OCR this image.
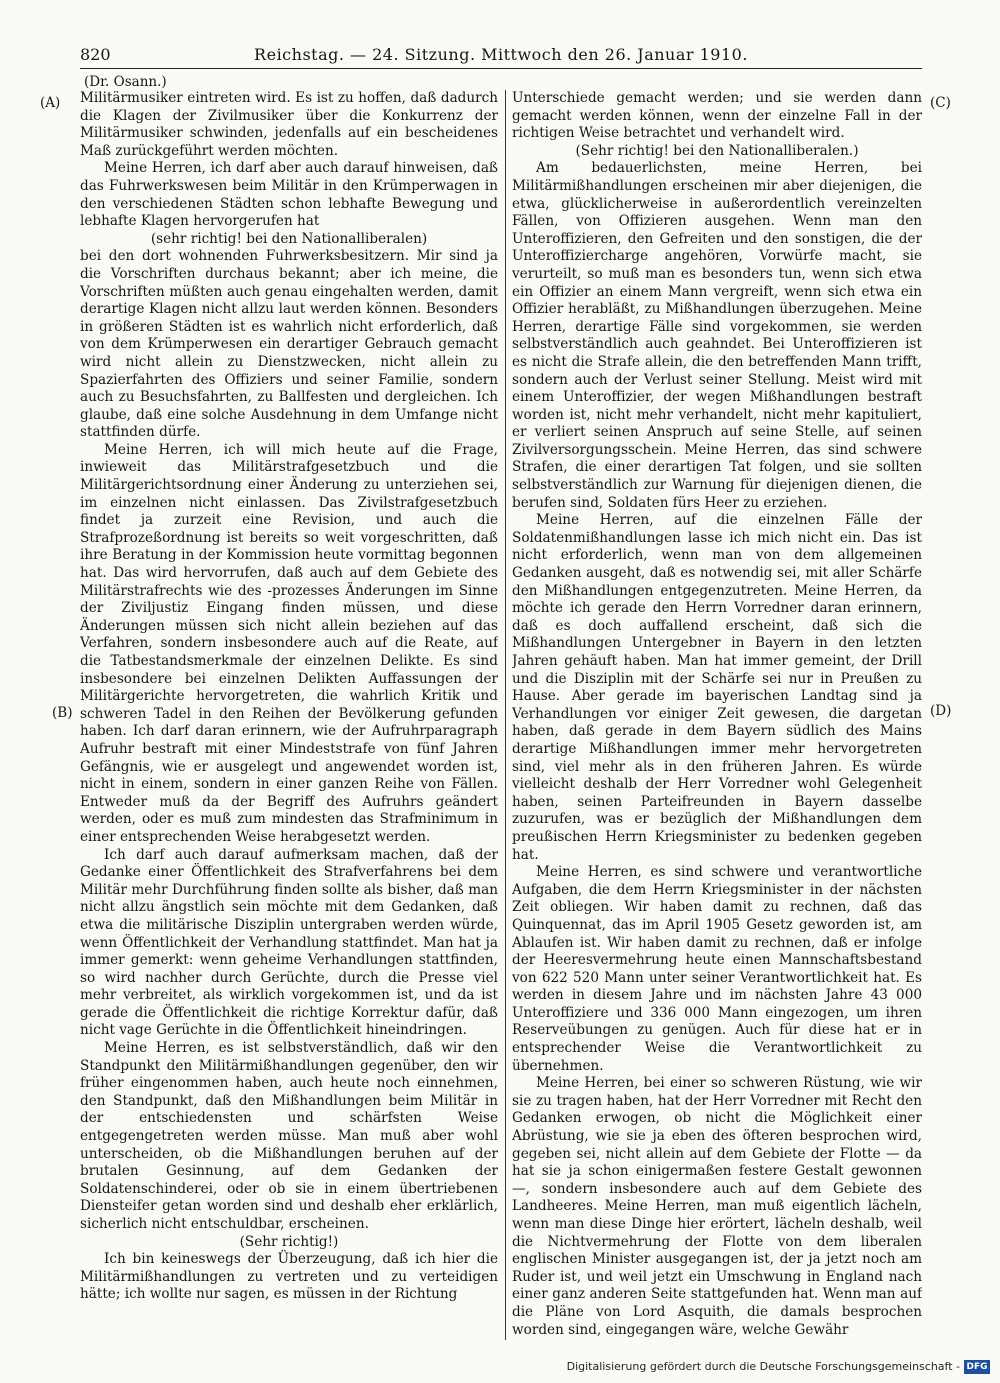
820	Reichstag. — 24. Sitzung. Mittwoch den 26. Januar 1910.
(Dr. Osann.)
(A)
(B)
(C)
(D)

Militärmusiker eintreten wird. Es ist zu hoffen, daß dadurch die Klagen der Zivilmusiker über die Konkurrenz der Militärmusiker schwinden, jedenfalls auf ein bescheidenes Maß zurückgeführt werden möchten.

Meine Herren, ich darf aber auch darauf hinweisen, daß das Fuhrwerkswesen beim Militär in den Krümperwagen in den verschiedenen Städten schon lebhafte Bewegung und lebhafte Klagen hervorgerufen hat

(sehr richtig! bei den Nationalliberalen)

bei den dort wohnenden Fuhrwerksbesitzern. Mir sind ja die Vorschriften durchaus bekannt; aber ich meine, die Vorschriften müßten auch genau eingehalten werden, damit derartige Klagen nicht allzu laut werden können. Besonders in größeren Städten ist es wahrlich nicht erforderlich, daß von dem Krümperwesen ein derartiger Gebrauch gemacht wird nicht allein zu Dienstzwecken, nicht allein zu Spazierfahrten des Offiziers und seiner Familie, sondern auch zu Besuchsfahrten, zu Ballfesten und dergleichen. Ich glaube, daß eine solche Ausdehnung in dem Umfange nicht stattfinden dürfe.

Meine Herren, ich will mich heute auf die Frage, inwieweit das Militärstrafgesetzbuch und die Militärgerichtsordnung einer Änderung zu unterziehen sei, im einzelnen nicht einlassen. Das Zivilstrafgesetzbuch findet ja zurzeit eine Revision, und auch die Strafprozeßordnung ist bereits so weit vorgeschritten, daß ihre Beratung in der Kommission heute vormittag begonnen hat. Das wird hervorrufen, daß auch auf dem Gebiete des Militärstrafrechts wie des -prozesses Änderungen im Sinne der Ziviljustiz Eingang finden müssen, und diese Änderungen müssen sich nicht allein beziehen auf das Verfahren, sondern insbesondere auch auf die Reate, auf die Tatbestandsmerkmale der einzelnen Delikte. Es sind insbesondere bei einzelnen Delikten Auffassungen der Militärgerichte hervorgetreten, die wahrlich Kritik und schweren Tadel in den Reihen der Bevölkerung gefunden haben. Ich darf daran erinnern, wie der Aufruhrparagraph Aufruhr bestraft mit einer Mindeststrafe von fünf Jahren Gefängnis, wie er ausgelegt und angewendet worden ist, nicht in einem, sondern in einer ganzen Reihe von Fällen. Entweder muß da der Begriff des Aufruhrs geändert werden, oder es muß zum mindesten das Strafminimum in einer entsprechenden Weise herabgesetzt werden.

Ich darf auch darauf aufmerksam machen, daß der Gedanke einer Öffentlichkeit des Strafverfahrens bei dem Militär mehr Durchführung finden sollte als bisher, daß man nicht allzu ängstlich sein möchte mit dem Gedanken, daß etwa die militärische Disziplin untergraben werden würde, wenn Öffentlichkeit der Verhandlung stattfindet. Man hat ja immer gemerkt: wenn geheime Verhandlungen stattfinden, so wird nachher durch Gerüchte, durch die Presse viel mehr verbreitet, als wirklich vorgekommen ist, und da ist gerade die Öffentlichkeit die richtige Korrektur dafür, daß nicht vage Gerüchte in die Öffentlichkeit hineindringen.

Meine Herren, es ist selbstverständlich, daß wir den Standpunkt den Militärmißhandlungen gegenüber, den wir früher eingenommen haben, auch heute noch einnehmen, den Standpunkt, daß den Mißhandlungen beim Militär in der entschiedensten und schärfsten Weise entgegengetreten werden müsse. Man muß aber wohl unterscheiden, ob die Mißhandlungen beruhen auf der brutalen Gesinnung, auf dem Gedanken der Soldatenschinderei, oder ob sie in einem übertriebenen Diensteifer getan worden sind und deshalb eher erklärlich, sicherlich nicht entschuldbar, erscheinen.

(Sehr richtig!)

Ich bin keineswegs der Überzeugung, daß ich hier die Militärmißhandlungen zu vertreten und zu verteidigen hätte; ich wollte nur sagen, es müssen in der Richtung

Unterschiede gemacht werden; und sie werden dann gemacht werden können, wenn der einzelne Fall in der richtigen Weise betrachtet und verhandelt wird.

(Sehr richtig! bei den Nationalliberalen.)

Am bedauerlichsten, meine Herren, bei Militärmißhandlungen erscheinen mir aber diejenigen, die etwa, glücklicherweise in außerordentlich vereinzelten Fällen, von Offizieren ausgehen. Wenn man den Unteroffizieren, den Gefreiten und den sonstigen, die der Unteroffiziercharge angehören, Vorwürfe macht, sie verurteilt, so muß man es besonders tun, wenn sich etwa ein Offizier an einem Mann vergreift, wenn sich etwa ein Offizier herabläßt, zu Mißhandlungen überzugehen. Meine Herren, derartige Fälle sind vorgekommen, sie werden selbstverständlich auch geahndet. Bei Unteroffizieren ist es nicht die Strafe allein, die den betreffenden Mann trifft, sondern auch der Verlust seiner Stellung. Meist wird mit einem Unteroffizier, der wegen Mißhandlungen bestraft worden ist, nicht mehr verhandelt, nicht mehr kapituliert, er verliert seinen Anspruch auf seine Stelle, auf seinen Zivilversorgungsschein. Meine Herren, das sind schwere Strafen, die einer derartigen Tat folgen, und sie sollten selbstverständlich zur Warnung für diejenigen dienen, die berufen sind, Soldaten fürs Heer zu erziehen.

Meine Herren, auf die einzelnen Fälle der Soldatenmißhandlungen lasse ich mich nicht ein. Das ist nicht erforderlich, wenn man von dem allgemeinen Gedanken ausgeht, daß es notwendig sei, mit aller Schärfe den Mißhandlungen entgegenzutreten. Meine Herren, da möchte ich gerade den Herrn Vorredner daran erinnern, daß es doch auffallend erscheint, daß sich die Mißhandlungen Untergebner in Bayern in den letzten Jahren gehäuft haben. Man hat immer gemeint, der Drill und die Disziplin mit der Schärfe sei nur in Preußen zu Hause. Aber gerade im bayerischen Landtag sind ja Verhandlungen vor einiger Zeit gewesen, die dargetan haben, daß gerade in dem Bayern südlich des Mains derartige Mißhandlungen immer mehr hervorgetreten sind, viel mehr als in den früheren Jahren. Es würde vielleicht deshalb der Herr Vorredner wohl Gelegenheit haben, seinen Parteifreunden in Bayern dasselbe zuzurufen, was er bezüglich der Mißhandlungen dem preußischen Herrn Kriegsminister zu bedenken gegeben hat.

Meine Herren, es sind schwere und verantwortliche Aufgaben, die dem Herrn Kriegsminister in der nächsten Zeit obliegen. Wir haben damit zu rechnen, daß das Quinquennat, das im April 1905 Gesetz geworden ist, am Ablaufen ist. Wir haben damit zu rechnen, daß er infolge der Heeresvermehrung heute einen Mannschaftsbestand von 622 520 Mann unter seiner Verantwortlichkeit hat. Es werden in diesem Jahre und im nächsten Jahre 43 000 Unteroffiziere und 336 000 Mann eingezogen, um ihren Reserveübungen zu genügen. Auch für diese hat er in entsprechender Weise die Verantwortlichkeit zu übernehmen.

Meine Herren, bei einer so schweren Rüstung, wie wir sie zu tragen haben, hat der Herr Vorredner mit Recht den Gedanken erwogen, ob nicht die Möglichkeit einer Abrüstung, wie sie ja eben des öfteren besprochen wird, gegeben sei, nicht allein auf dem Gebiete der Flotte — da hat sie ja schon einigermaßen festere Gestalt gewonnen —, sondern insbesondere auch auf dem Gebiete des Landheeres. Meine Herren, man muß eigentlich lächeln, wenn man diese Dinge hier erörtert, lächeln deshalb, weil die Nichtvermehrung der Flotte von dem liberalen englischen Minister ausgegangen ist, der ja jetzt noch am Ruder ist, und weil jetzt ein Umschwung in England nach einer ganz anderen Seite stattgefunden hat. Wenn man auf die Pläne von Lord Asquith, die damals besprochen worden sind, eingegangen wäre, welche Gewähr

Digitalisierung gefördert durch die Deutsche Forschungsgemeinschaft - DFG
